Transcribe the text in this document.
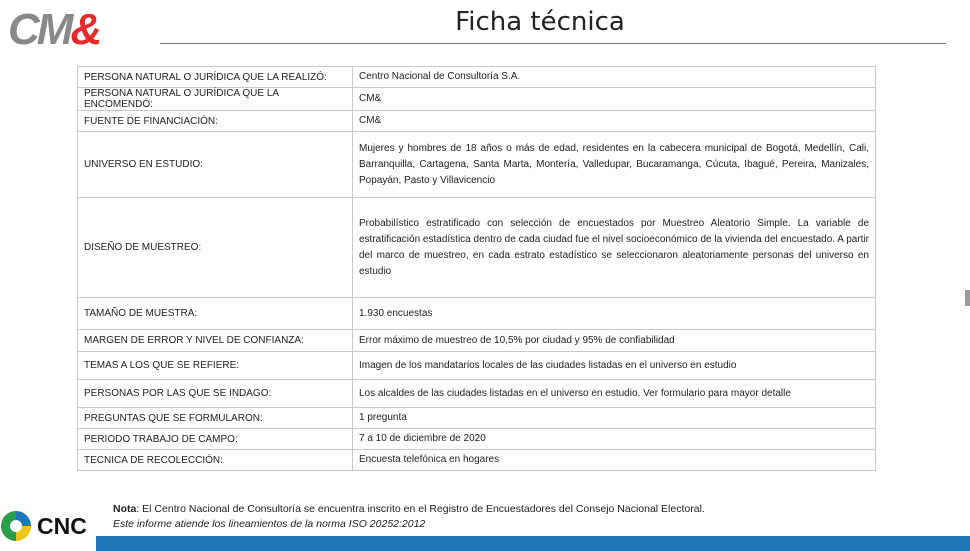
CM&	Ficha técnica
PERSONA NATURAL O JURÍDICA QUE LA REALIZÓ:	Centro Nacional de Consultoría S.A.
PERSONA NATURAL O JURÍDICA QUE LA ENCOMENDÓ:	CM&
FUENTE DE FINANCIACIÓN:	CM&
UNIVERSO EN ESTUDIO:	Mujeres y hombres de 18 años o más de edad, residentes en la cabecera municipal de Bogotá, Medellín, Cali, Barranquilla, Cartagena, Santa Marta, Montería, Valledupar, Bucaramanga, Cúcuta, Ibagué, Pereira, Manizales, Popayán, Pasto y Villavicencio
DISEÑO DE MUESTREO:	Probabilístico estratificado con selección de encuestados por Muestreo Aleatorio Simple. La variable de estratificación estadística dentro de cada ciudad fue el nivel socioeconómico de la vivienda del encuestado. A partir del marco de muestreo, en cada estrato estadístico se seleccionaron aleatoriamente personas del universo en estudio
TAMAÑO DE MUESTRA:	1.930 encuestas
MARGEN DE ERROR Y NIVEL DE CONFIANZA:	Error máximo de muestreo de 10,5% por ciudad y 95% de confiabilidad
TEMAS A LOS QUE SE REFIERE:	Imagen de los mandatarios locales de las ciudades listadas en el universo en estudio
PERSONAS POR LAS QUE SE INDAGO:	Los alcaldes de las ciudades listadas en el universo en estudio. Ver formulario para mayor detalle
PREGUNTAS QUE SE FORMULARON:	1 pregunta
PERIODO TRABAJO DE CAMPO:	7 a 10 de diciembre de 2020
TECNICA DE RECOLECCIÓN:	Encuesta telefónica en hogares
Nota: El Centro Nacional de Consultoría se encuentra inscrito en el Registro de Encuestadores del Consejo Nacional Electoral.
Este informe atiende los lineamientos de la norma ISO 20252:2012
CNC
